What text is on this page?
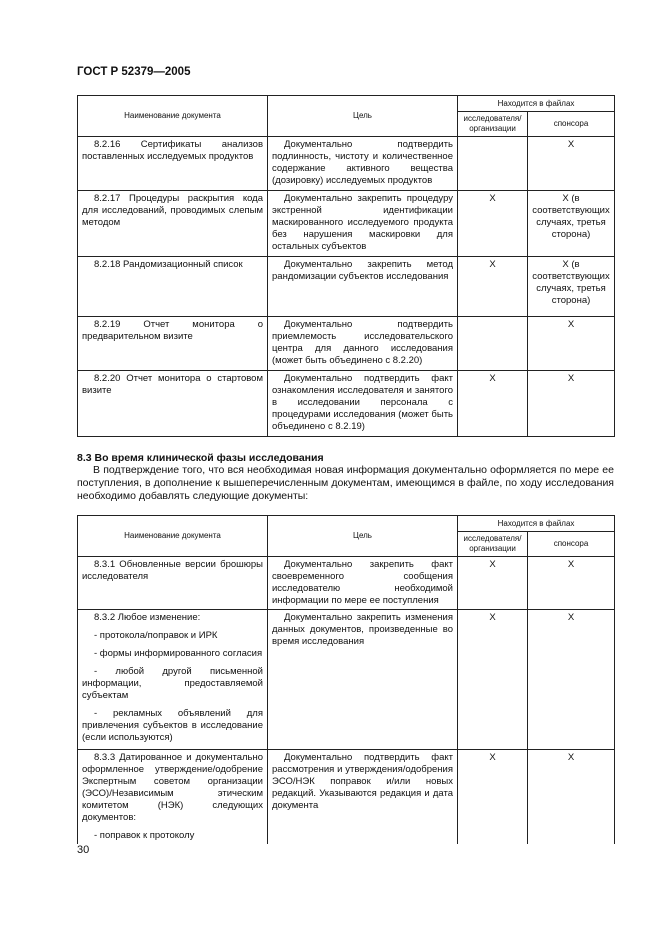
ГОСТ Р 52379—2005
Наименование документа	Цель	Находится в файлах	
		исследователя/ организации	спонсора
8.2.16 Сертификаты анализов поставленных исследуемых продуктов	Документально подтвердить подлинность, чистоту и количественное содержание активного вещества (дозировку) исследуемых продуктов		Х
8.2.17 Процедуры раскрытия кода для исследований, проводимых слепым методом	Документально закрепить процедуру экстренной идентификации маскированного исследуемого продукта без нарушения маскировки для остальных субъектов	Х	Х (в соответствующих случаях, третья сторона)
8.2.18 Рандомизационный список	Документально закрепить метод рандомизации субъектов исследования	Х	Х (в соответствующих случаях, третья сторона)
8.2.19 Отчет монитора о предварительном визите	Документально подтвердить приемлемость исследовательского центра для данного исследования (может быть объединено с 8.2.20)		Х
8.2.20 Отчет монитора о стартовом визите	Документально подтвердить факт ознакомления исследователя и занятого в исследовании персонала с процедурами исследования (может быть объединено с 8.2.19)	Х	Х
8.3 Во время клинической фазы исследования

В подтверждение того, что вся необходимая новая информация документально оформляется по мере ее поступления, в дополнение к вышеперечисленным документам, имеющимся в файле, по ходу исследования необходимо добавлять следующие документы:

Наименование документа	Цель	Находится в файлах	
		исследователя/ организации	спонсора
8.3.1 Обновленные версии брошюры исследователя	Документально закрепить факт своевременного сообщения исследователю необходимой информации по мере ее поступления	Х	Х

8.3.2 Любое изменение:
- протокола/поправок и ИРК
- формы информированного согласия
- любой другой письменной информации, предоставляемой субъектам
- рекламных объявлений для привлечения субъектов в исследование (если используются)	Документально закрепить изменения данных документов, произведенные во время исследования	Х	Х

8.3.3 Датированное и документально оформленное утверждение/одобрение Экспертным советом организации (ЭСО)/Независимым этическим комитетом (НЭК) следующих документов:
- поправок к протоколу	Документально подтвердить факт рассмотрения и утверждения/одобрения ЭСО/НЭК поправок и/или новых редакций. Указываются редакция и дата документа	Х	Х
30
